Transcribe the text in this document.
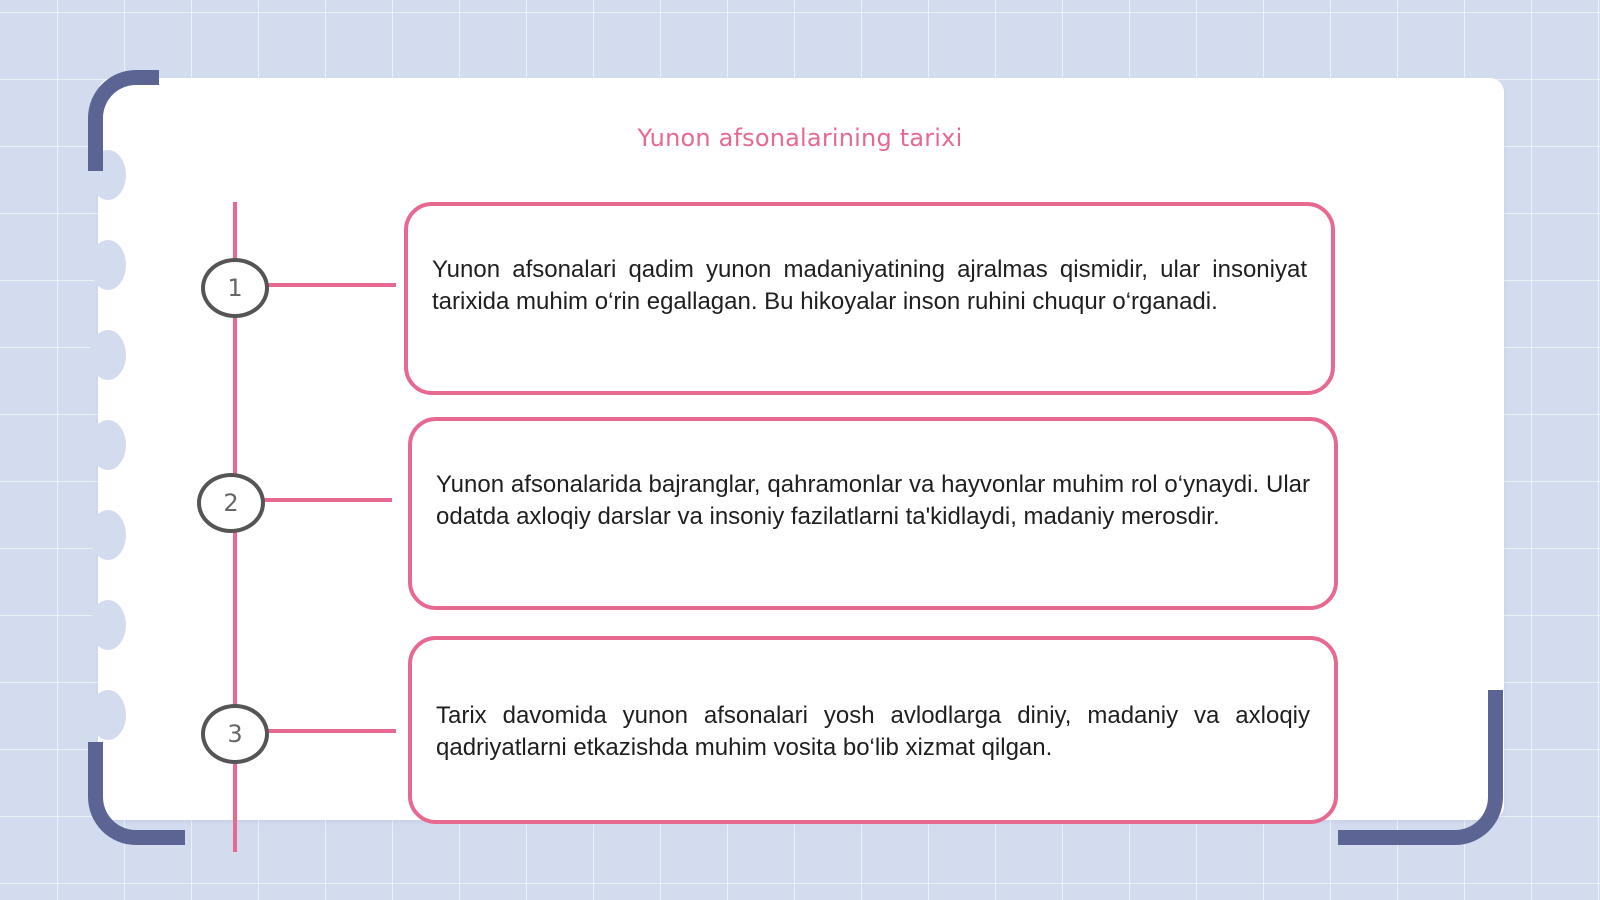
Yunon afsonalarining tarixi
1
Yunon afsonalari qadim yunon madaniyatining ajralmas qismidir, ular insoniyat tarixida muhim o‘rin egallagan. Bu hikoyalar inson ruhini chuqur o‘rganadi.
2
Yunon afsonalarida bajranglar, qahramonlar va hayvonlar muhim rol o‘ynaydi. Ular odatda axloqiy darslar va insoniy fazilatlarni ta'kidlaydi, madaniy merosdir.
3
Tarix davomida yunon afsonalari yosh avlodlarga diniy, madaniy va axloqiy qadriyatlarni etkazishda muhim vosita bo‘lib xizmat qilgan.
